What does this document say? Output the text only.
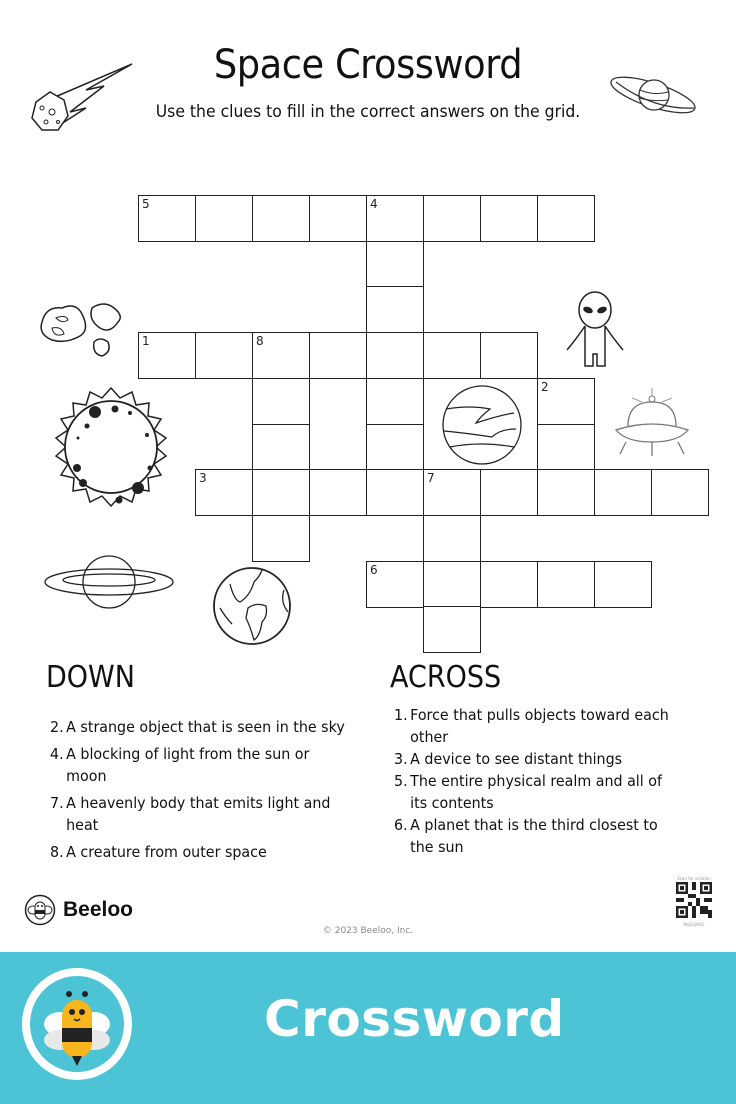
Space Crossword
Use the clues to fill in the correct answers on the grid.
5	4
1	8
2
3	7
6
DOWN
2. A strange object that is seen in the sky
4. A blocking of light from the sun or moon
7. A heavenly body that emits light and heat
8. A creature from outer space
ACROSS
1. Force that pulls objects toward each other
3. A device to see distant things
5. The entire physical realm and all of its contents
6. A planet that is the third closest to the sun
Beeloo
© 2023 Beeloo, Inc.
Scan for solution
MqOvj9VG
Crossword
